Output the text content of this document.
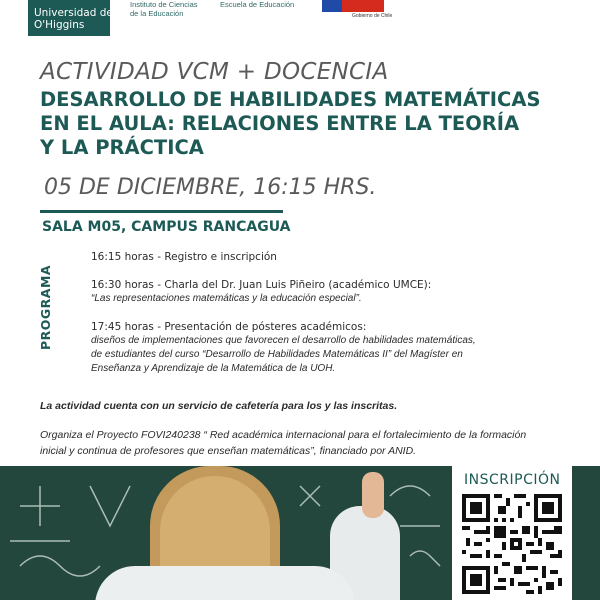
Universidad de
O'Higgins
Instituto de Ciencias
de la Educación
Escuela de Educación
Gobierno de Chile
ACTIVIDAD VCM + DOCENCIA
DESARROLLO DE HABILIDADES MATEMÁTICAS
EN EL AULA: RELACIONES ENTRE LA TEORÍA
Y LA PRÁCTICA
05 DE DICIEMBRE, 16:15 HRS.
SALA M05, CAMPUS RANCAGUA
PROGRAMA
16:15 horas - Registro e inscripción
16:30 horas - Charla del Dr. Juan Luis Piñeiro (académico UMCE):
“Las representaciones matemáticas y la educación especial”.
17:45 horas - Presentación de pósteres académicos:
diseños de implementaciones que favorecen el desarrollo de habilidades matemáticas,
de estudiantes del curso “Desarrollo de Habilidades Matemáticas II” del Magíster en
Enseñanza y Aprendizaje de la Matemática de la UOH.
La actividad cuenta con un servicio de cafetería para los y las inscritas.
Organiza el Proyecto FOVI240238 “ Red académica internacional para el fortalecimiento de la formación
inicial y continua de profesores que enseñan matemáticas”, financiado por ANID.
INSCRIPCIÓN
